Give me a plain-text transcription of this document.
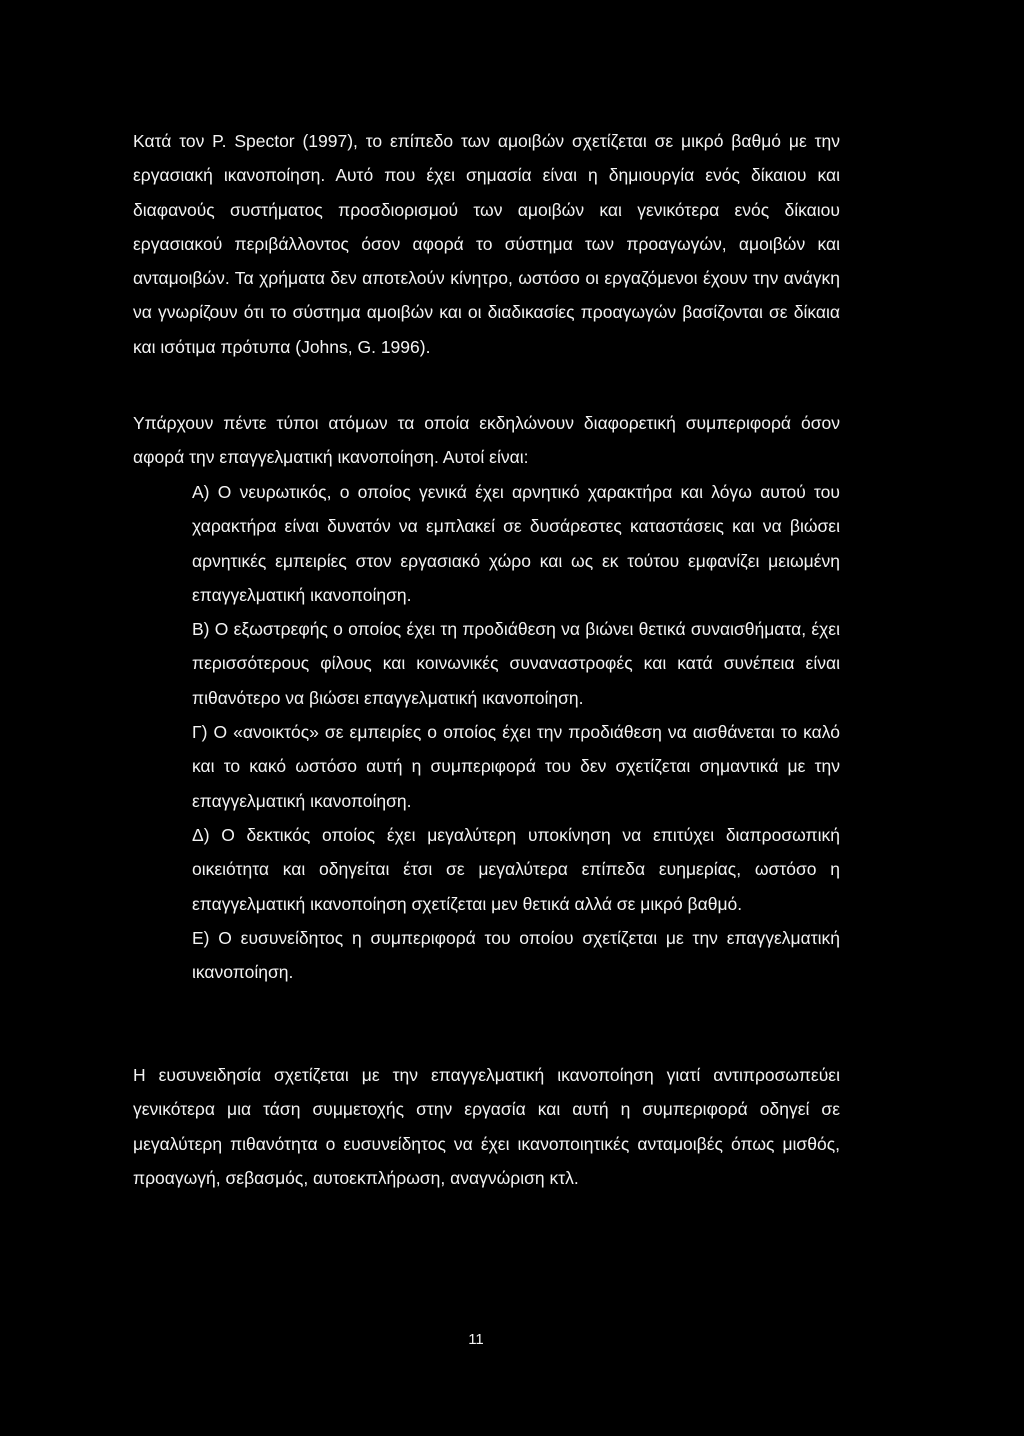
Κατά τον Ρ. Spector (1997), το επίπεδο των αμοιβών σχετίζεται σε μικρό βαθμό με την εργασιακή ικανοποίηση. Αυτό που έχει σημασία είναι η δημιουργία ενός δίκαιου και διαφανούς συστήματος προσδιορισμού των αμοιβών και γενικότερα ενός δίκαιου εργασιακού περιβάλλοντος όσον αφορά το σύστημα των προαγωγών, αμοιβών και ανταμοιβών. Τα χρήματα δεν αποτελούν κίνητρο, ωστόσο οι εργαζόμενοι έχουν την ανάγκη να γνωρίζουν ότι το σύστημα αμοιβών και οι διαδικασίες προαγωγών βασίζονται σε δίκαια και ισότιμα πρότυπα (Johns, G. 1996).

Υπάρχουν πέντε τύποι ατόμων τα οποία εκδηλώνουν διαφορετική συμπεριφορά όσον αφορά την επαγγελματική ικανοποίηση. Αυτοί είναι:

Α) Ο νευρωτικός, ο οποίος γενικά έχει αρνητικό χαρακτήρα και λόγω αυτού του χαρακτήρα είναι δυνατόν να εμπλακεί σε δυσάρεστες καταστάσεις και να βιώσει αρνητικές εμπειρίες στον εργασιακό χώρο και ως εκ τούτου εμφανίζει μειωμένη επαγγελματική ικανοποίηση.

Β) Ο εξωστρεφής ο οποίος έχει τη προδιάθεση να βιώνει θετικά συναισθήματα, έχει περισσότερους φίλους και κοινωνικές συναναστροφές και κατά συνέπεια είναι πιθανότερο να βιώσει επαγγελματική ικανοποίηση.

Γ) Ο «ανοικτός» σε εμπειρίες ο οποίος έχει την προδιάθεση να αισθάνεται το καλό και το κακό ωστόσο αυτή η συμπεριφορά του δεν σχετίζεται σημαντικά με την επαγγελματική ικανοποίηση.

Δ) Ο δεκτικός οποίος έχει μεγαλύτερη υποκίνηση να επιτύχει διαπροσωπική οικειότητα και οδηγείται έτσι σε μεγαλύτερα επίπεδα ευημερίας, ωστόσο η επαγγελματική ικανοποίηση σχετίζεται μεν θετικά αλλά σε μικρό βαθμό.

Ε) Ο ευσυνείδητος η συμπεριφορά του οποίου σχετίζεται με την επαγγελματική ικανοποίηση.

Η ευσυνειδησία σχετίζεται με την επαγγελματική ικανοποίηση γιατί αντιπροσωπεύει γενικότερα μια τάση συμμετοχής στην εργασία και αυτή η συμπεριφορά οδηγεί σε μεγαλύτερη πιθανότητα ο ευσυνείδητος να έχει ικανοποιητικές ανταμοιβές όπως μισθός, προαγωγή, σεβασμός, αυτοεκπλήρωση, αναγνώριση κτλ.

11
